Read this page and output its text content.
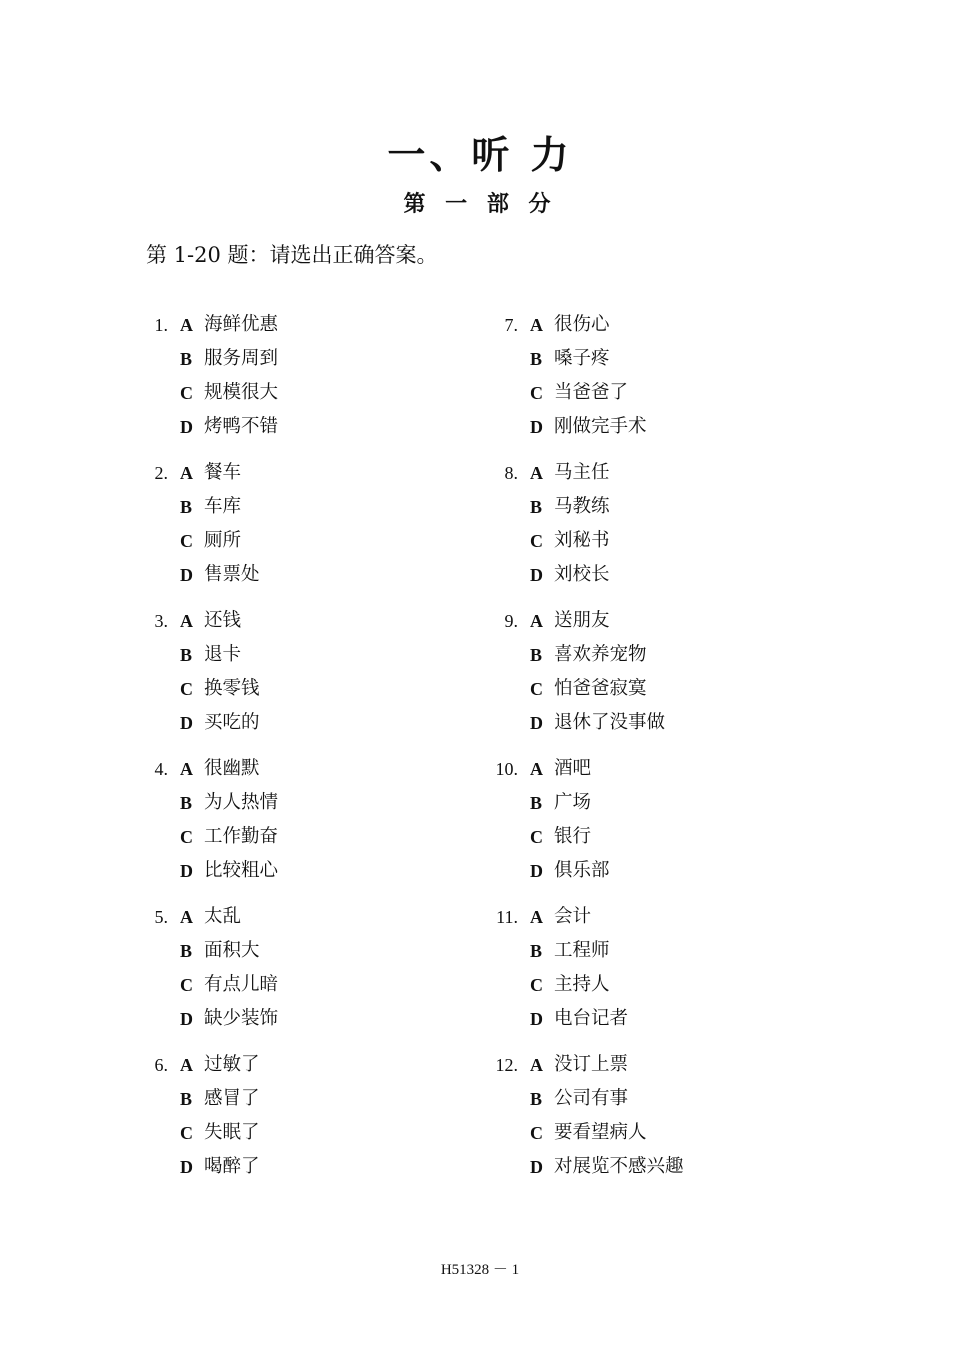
一、听 力
第 一 部 分

第 1-20 题：请选出正确答案。

1. A 海鲜优惠
B 服务周到
C 规模很大
D 烤鸭不错
2. A 餐车
B 车库
C 厕所
D 售票处
3. A 还钱
B 退卡
C 换零钱
D 买吃的
4. A 很幽默
B 为人热情
C 工作勤奋
D 比较粗心
5. A 太乱
B 面积大
C 有点儿暗
D 缺少装饰
6. A 过敏了
B 感冒了
C 失眠了
D 喝醉了
7. A 很伤心
B 嗓子疼
C 当爸爸了
D 刚做完手术
8. A 马主任
B 马教练
C 刘秘书
D 刘校长
9. A 送朋友
B 喜欢养宠物
C 怕爸爸寂寞
D 退休了没事做
10. A 酒吧
B 广场
C 银行
D 俱乐部
11. A 会计
B 工程师
C 主持人
D 电台记者
12. A 没订上票
B 公司有事
C 要看望病人
D 对展览不感兴趣

H51328 － 1
